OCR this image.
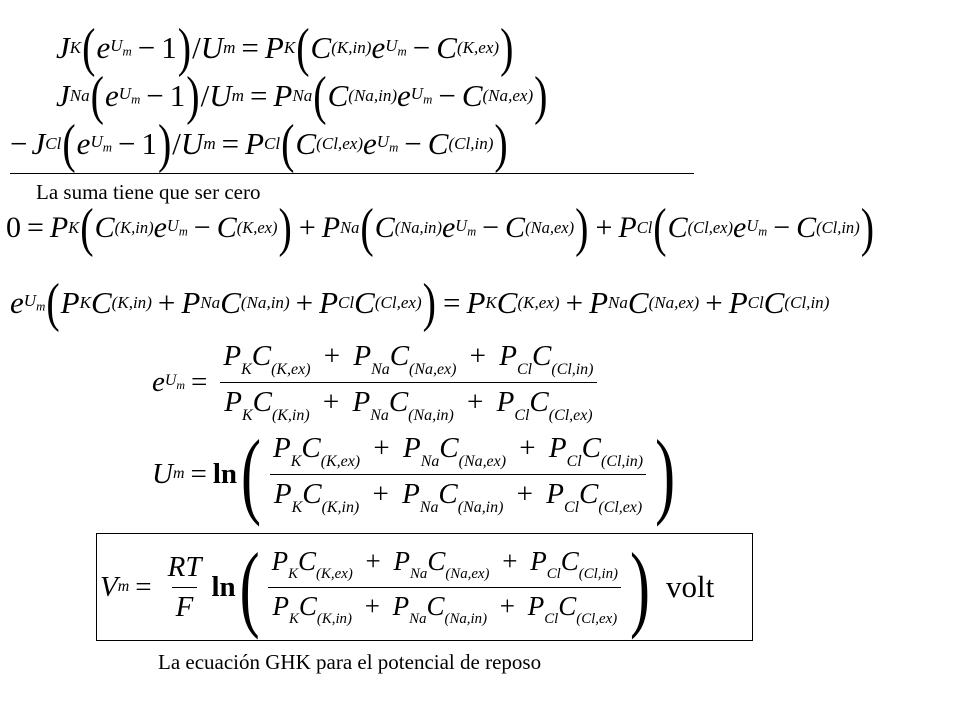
J K ( e $U_m - 1$ ) / U m = P K ( C (K,in) e $U_m - C$ (K,ex) )
J Na ( e $U_m - 1$ ) / U m = P Na ( C (Na,in) e $U_m - C$ (Na,ex) )
− J Cl ( e $U_m - 1$ ) / U m = P Cl ( C (Cl,ex) e $U_m - C$ (Cl,in) )
La suma tiene que ser cero
0 = P K ( C (K,in) e $U_m - C$ (K,ex) ) + P Na ( C (Na,in) e $U_m - C$ (Na,ex) ) + P Cl ( C (Cl,ex) e $U_m - C$ (Cl,in) )
e $U_m$ ( P K C (K,in) + P Na C (Na,in) + P Cl C (Cl,ex) ) = P K C (K,ex) + P Na C (Na,ex) + P Cl C (Cl,in)
e $U_m$ =
$P_KC_{(K,ex)} + P_{Na}C_{(Na,ex)} + P_{Cl}C_{(Cl,in)}$
$P_KC_{(K,in)} + P_{Na}C_{(Na,in)} + P_{Cl}C_{(Cl,ex)}$
U m = ln ( $P_KC_{(K,ex)} + P_{Na}C_{(Na,ex)} + P_{Cl}C_{(Cl,in)}$
$P_KC_{(K,in)} + P_{Na}C_{(Na,in)} + P_{Cl}C_{(Cl,ex)}$ )
V $m = \frac{RT}{F}$ ln ( $P_KC_{(K,ex)} + P_{Na}C_{(Na,ex)} + P_{Cl}C_{(Cl,in)}$
$P_KC_{(K,in)} + P_{Na}C_{(Na,in)} + P_{Cl}C_{(Cl,ex)}$ ) volt
La ecuación GHK para el potencial de reposo
